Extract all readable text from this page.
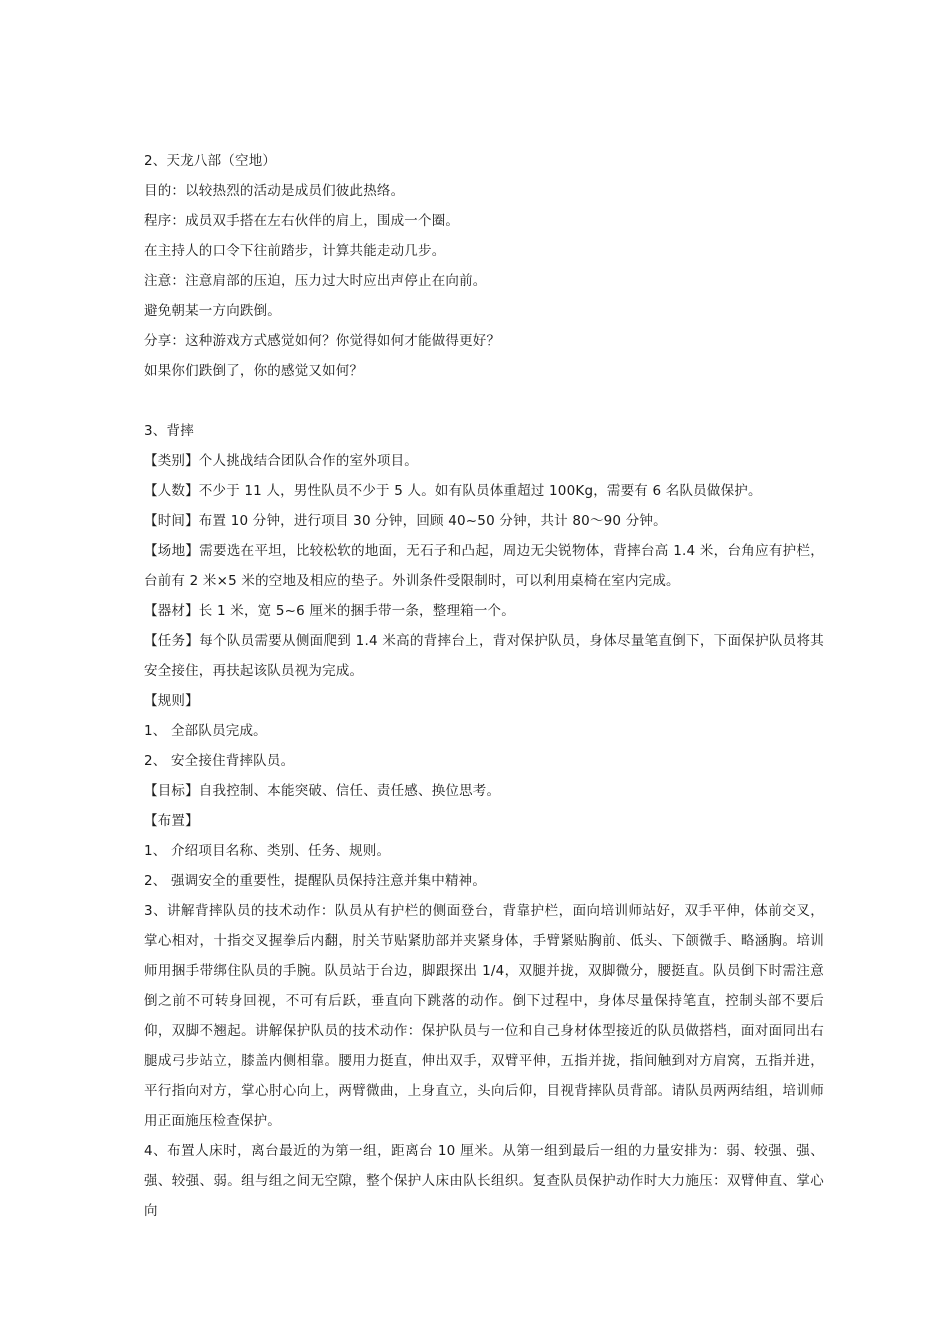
2、天龙八部（空地）
目的：以较热烈的活动是成员们彼此热络。
程序：成员双手搭在左右伙伴的肩上，围成一个圈。
在主持人的口令下往前踏步，计算共能走动几步。
注意：注意肩部的压迫，压力过大时应出声停止在向前。
避免朝某一方向跌倒。
分享：这种游戏方式感觉如何？你觉得如何才能做得更好？
如果你们跌倒了，你的感觉又如何？
3、背摔
【类别】个人挑战结合团队合作的室外项目。
【人数】不少于 11 人，男性队员不少于 5 人。如有队员体重超过 100Kg，需要有 6 名队员做保护。
【时间】布置 10 分钟，进行项目 30 分钟，回顾 40~50 分钟，共计 80～90 分钟。
【场地】需要选在平坦，比较松软的地面，无石子和凸起，周边无尖锐物体，背摔台高 1.4 米，台角应有护栏，台前有 2 米×5 米的空地及相应的垫子。外训条件受限制时，可以利用桌椅在室内完成。
【器材】长 1 米，宽 5~6 厘米的捆手带一条，整理箱一个。
【任务】每个队员需要从侧面爬到 1.4 米高的背摔台上，背对保护队员，身体尽量笔直倒下，下面保护队员将其安全接住，再扶起该队员视为完成。
【规则】
1、 全部队员完成。
2、 安全接住背摔队员。
【目标】自我控制、本能突破、信任、责任感、换位思考。
【布置】
1、 介绍项目名称、类别、任务、规则。
2、 强调安全的重要性，提醒队员保持注意并集中精神。
3、讲解背摔队员的技术动作：队员从有护栏的侧面登台，背靠护栏，面向培训师站好，双手平伸，体前交叉，掌心相对，十指交叉握拳后内翻，肘关节贴紧肋部并夹紧身体，手臂紧贴胸前、低头、下颌微手、略涵胸。培训师用捆手带绑住队员的手腕。队员站于台边，脚跟探出 1/4，双腿并拢，双脚微分，腰挺直。队员倒下时需注意倒之前不可转身回视，不可有后跃，垂直向下跳落的动作。倒下过程中，身体尽量保持笔直，控制头部不要后仰，双脚不翘起。讲解保护队员的技术动作：保护队员与一位和自己身材体型接近的队员做搭档，面对面同出右腿成弓步站立，膝盖内侧相靠。腰用力挺直，伸出双手，双臂平伸，五指并拢，指间触到对方肩窝，五指并进，平行指向对方，掌心肘心向上，两臂微曲，上身直立，头向后仰，目视背摔队员背部。请队员两两结组，培训师用正面施压检查保护。
4、布置人床时，离台最近的为第一组，距离台 10 厘米。从第一组到最后一组的力量安排为：弱、较强、强、强、较强、弱。组与组之间无空隙，整个保护人床由队长组织。复查队员保护动作时大力施压：双臂伸直、掌心向
